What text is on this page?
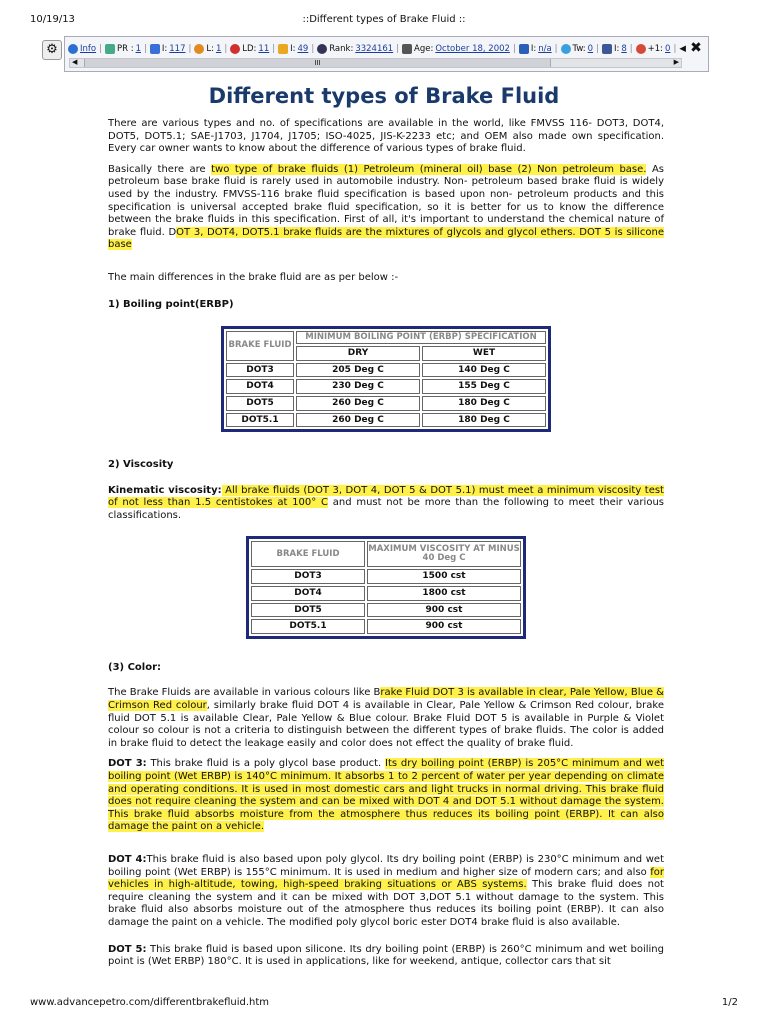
10/19/13	::Different types of Brake Fluid ::
⚙	Info | PR : 1 | I: 117 | L: 1 | LD: 11 | I: 49 | Rank: 3324161 | Age: October 18, 2002 | I: n/a | Tw: 0 | I: 8 | +1: 0 | ◀ ✖
◀	III	▶
Different types of Brake Fluid

There are various types and no. of specifications are available in the world, like FMVSS 116- DOT3, DOT4, DOT5, DOT5.1; SAE-J1703, J1704, J1705; ISO-4025, JIS-K-2233 etc; and OEM also made own specification. Every car owner wants to know about the difference of various types of brake fluid.

Basically there are two type of brake fluids (1) Petroleum (mineral oil) base (2) Non petroleum base. As petroleum base brake fluid is rarely used in automobile industry. Non- petroleum based brake fluid is widely used by the industry. FMVSS-116 brake fluid specification is based upon non- petroleum products and this specification is universal accepted brake fluid specification, so it is better for us to know the difference between the brake fluids in this specification. First of all, it's important to understand the chemical nature of brake fluid. DOT 3, DOT4, DOT5.1 brake fluids are the mixtures of glycols and glycol ethers. DOT 5 is silicone base

The main differences in the brake fluid are as per below :-

1) Boiling point(ERBP)

BRAKE FLUID	MINIMUM BOILING POINT (ERBP) SPECIFICATION	
	DRY	WET
DOT3	205 Deg C	140 Deg C
DOT4	230 Deg C	155 Deg C
DOT5	260 Deg C	180 Deg C
DOT5.1	260 Deg C	180 Deg C

2) Viscosity

Kinematic viscosity: All brake fluids (DOT 3, DOT 4, DOT 5 & DOT 5.1) must meet a minimum viscosity test of not less than 1.5 centistokes at 100° C and must not be more than the following to meet their various classifications.

BRAKE FLUID	MAXIMUM VISCOSITY AT MINUS 40 Deg C
DOT3	1500 cst
DOT4	1800 cst
DOT5	900 cst
DOT5.1	900 cst

(3) Color:

The Brake Fluids are available in various colours like Brake Fluid DOT 3 is available in clear, Pale Yellow, Blue & Crimson Red colour, similarly brake fluid DOT 4 is available in Clear, Pale Yellow & Crimson Red colour, brake fluid DOT 5.1 is available Clear, Pale Yellow & Blue colour. Brake Fluid DOT 5 is available in Purple & Violet colour so colour is not a criteria to distinguish between the different types of brake fluids. The color is added in brake fluid to detect the leakage easily and color does not effect the quality of brake fluid.

DOT 3: This brake fluid is a poly glycol base product. Its dry boiling point (ERBP) is 205°C minimum and wet boiling point (Wet ERBP) is 140°C minimum. It absorbs 1 to 2 percent of water per year depending on climate and operating conditions. It is used in most domestic cars and light trucks in normal driving. This brake fluid does not require cleaning the system and can be mixed with DOT 4 and DOT 5.1 without damage the system. This brake fluid absorbs moisture from the atmosphere thus reduces its boiling point (ERBP). It can also damage the paint on a vehicle.

DOT 4:This brake fluid is also based upon poly glycol. Its dry boiling point (ERBP) is 230°C minimum and wet boiling point (Wet ERBP) is 155°C minimum. It is used in medium and higher size of modern cars; and also for vehicles in high-altitude, towing, high-speed braking situations or ABS systems. This brake fluid does not require cleaning the system and it can be mixed with DOT 3,DOT 5.1 without damage to the system. This brake fluid also absorbs moisture out of the atmosphere thus reduces its boiling point (ERBP). It can also damage the paint on a vehicle. The modified poly glycol boric ester DOT4 brake fluid is also available.

DOT 5: This brake fluid is based upon silicone. Its dry boiling point (ERBP) is 260°C minimum and wet boiling point is (Wet ERBP) 180°C. It is used in applications, like for weekend, antique, collector cars that sit

www.advancepetro.com/differentbrakefluid.htm	1/2
